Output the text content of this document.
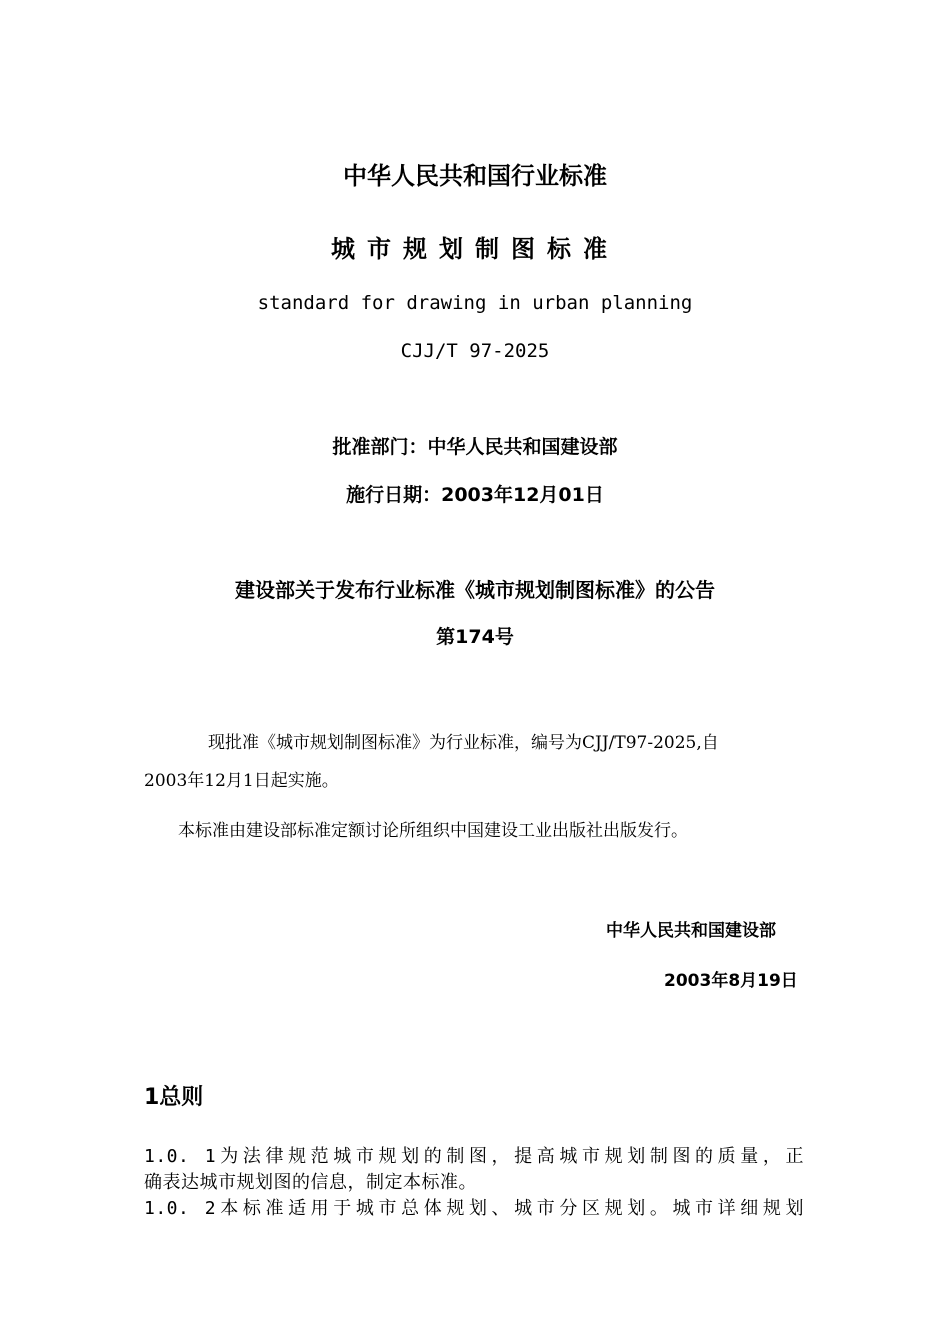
中华人民共和国行业标准
城市规划制图标准
standard for drawing in urban planning
CJJ/T 97-2025
批准部门：中华人民共和国建设部
施行日期：2003年12月01日
建设部关于发布行业标准《城市规划制图标准》的公告
第174号
现批准《城市规划制图标准》为行业标准，编号为CJJ/T97-2025,自
2003年12月1日起实施。
本标准由建设部标准定额讨论所组织中国建设工业出版社出版发行。
中华人民共和国建设部
2003年8月19日
1总则
1.0. 1为法律规范城市规划的制图，提高城市规划制图的质量，正
确表达城市规划图的信息，制定本标准。
1.0. 2本标准适用于城市总体规划、城市分区规划。城市详细规划
